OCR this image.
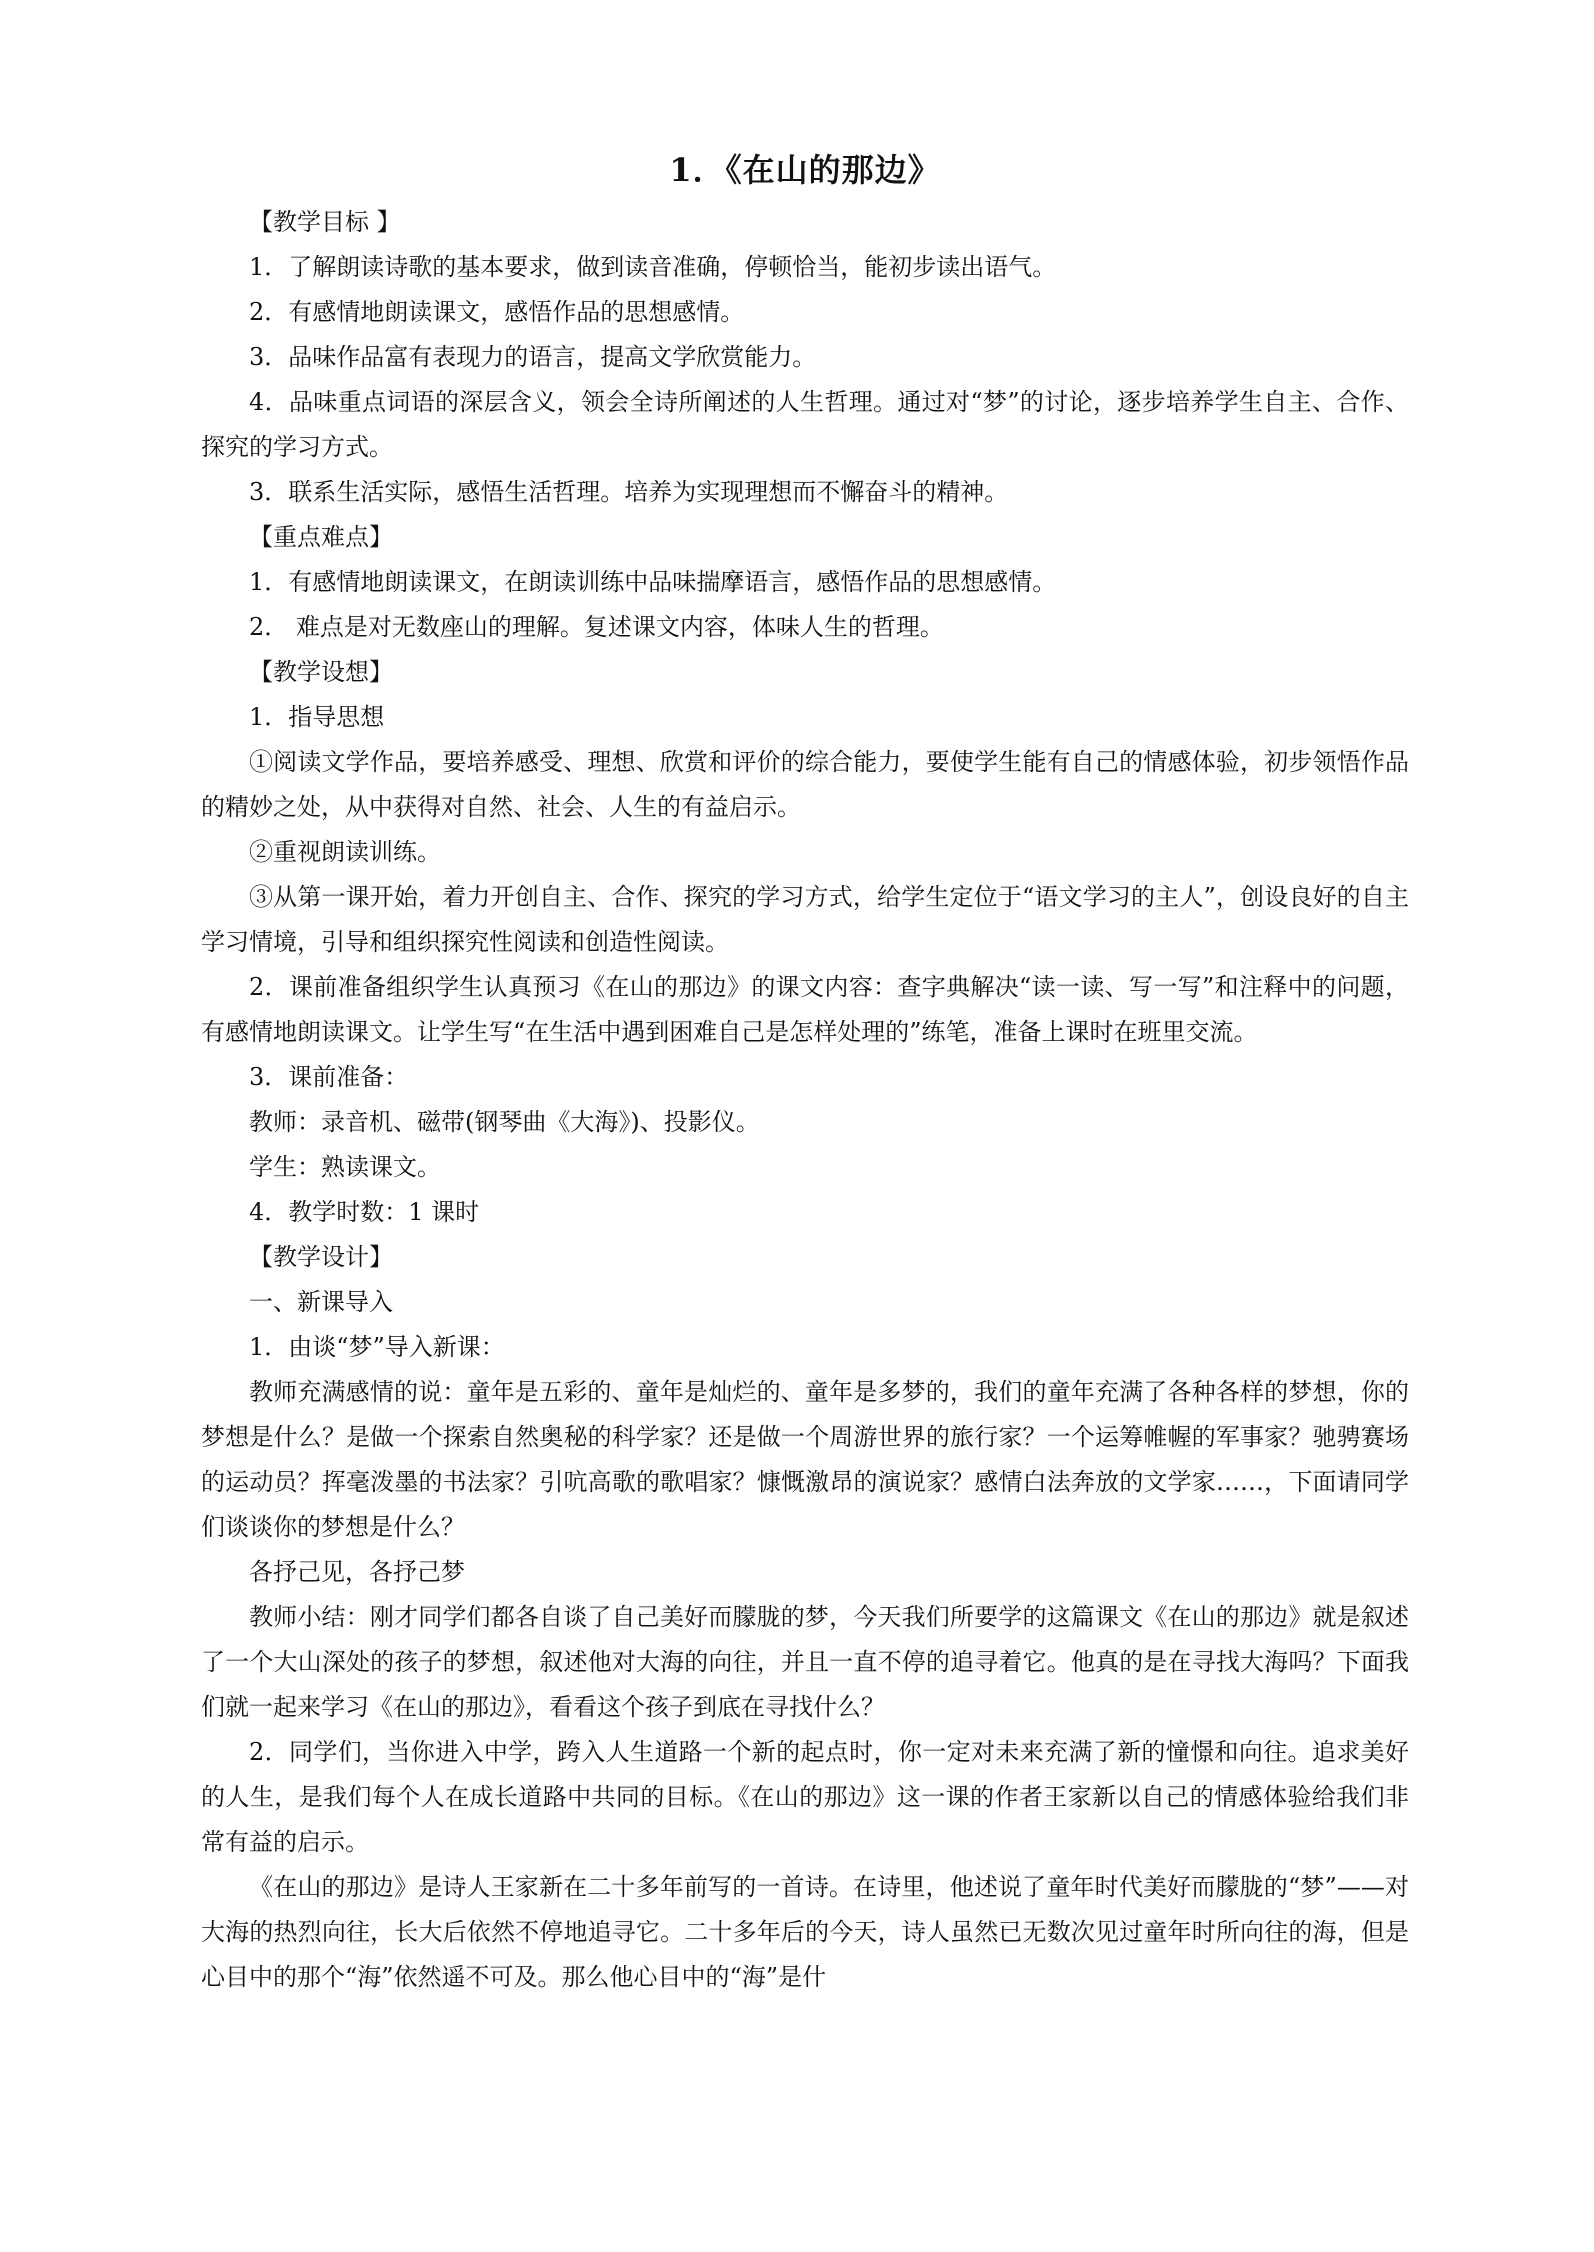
1．《在山的那边》

【教学目标 】

1．了解朗读诗歌的基本要求，做到读音准确，停顿恰当，能初步读出语气。

2．有感情地朗读课文，感悟作品的思想感情。

3．品味作品富有表现力的语言，提高文学欣赏能力。

4．品味重点词语的深层含义，领会全诗所阐述的人生哲理。通过对“梦”的讨论，逐步培养学生自主、合作、探究的学习方式。

3．联系生活实际，感悟生活哲理。培养为实现理想而不懈奋斗的精神。

【重点难点】

1．有感情地朗读课文，在朗读训练中品味揣摩语言，感悟作品的思想感情。

2． 难点是对无数座山的理解。复述课文内容，体味人生的哲理。

【教学设想】

1．指导思想

①阅读文学作品，要培养感受、理想、欣赏和评价的综合能力，要使学生能有自己的情感体验，初步领悟作品的精妙之处，从中获得对自然、社会、人生的有益启示。

②重视朗读训练。

③从第一课开始，着力开创自主、合作、探究的学习方式，给学生定位于“语文学习的主人”，创设良好的自主学习情境，引导和组织探究性阅读和创造性阅读。

2．课前准备组织学生认真预习《在山的那边》的课文内容：查字典解决“读一读、写一写”和注释中的问题，有感情地朗读课文。让学生写“在生活中遇到困难自己是怎样处理的”练笔，准备上课时在班里交流。

3．课前准备：

教师：录音机、磁带(钢琴曲《大海》)、投影仪。

学生：熟读课文。

4．教学时数：1 课时

【教学设计】

一、新课导入

1．由谈“梦”导入新课：

教师充满感情的说：童年是五彩的、童年是灿烂的、童年是多梦的，我们的童年充满了各种各样的梦想，你的梦想是什么？是做一个探索自然奥秘的科学家？还是做一个周游世界的旅行家？一个运筹帷幄的军事家？驰骋赛场的运动员？挥毫泼墨的书法家？引吭高歌的歌唱家？慷慨激昂的演说家？感情白法奔放的文学家……，下面请同学们谈谈你的梦想是什么？

各抒己见，各抒己梦

教师小结：刚才同学们都各自谈了自己美好而朦胧的梦，今天我们所要学的这篇课文《在山的那边》就是叙述了一个大山深处的孩子的梦想，叙述他对大海的向往，并且一直不停的追寻着它。他真的是在寻找大海吗？下面我们就一起来学习《在山的那边》，看看这个孩子到底在寻找什么？

2．同学们，当你进入中学，跨入人生道路一个新的起点时，你一定对未来充满了新的憧憬和向往。追求美好的人生，是我们每个人在成长道路中共同的目标。《在山的那边》这一课的作者王家新以自己的情感体验给我们非常有益的启示。

《在山的那边》是诗人王家新在二十多年前写的一首诗。在诗里，他述说了童年时代美好而朦胧的“梦”——对大海的热烈向往，长大后依然不停地追寻它。二十多年后的今天，诗人虽然已无数次见过童年时所向往的海，但是心目中的那个“海”依然遥不可及。那么他心目中的“海”是什
